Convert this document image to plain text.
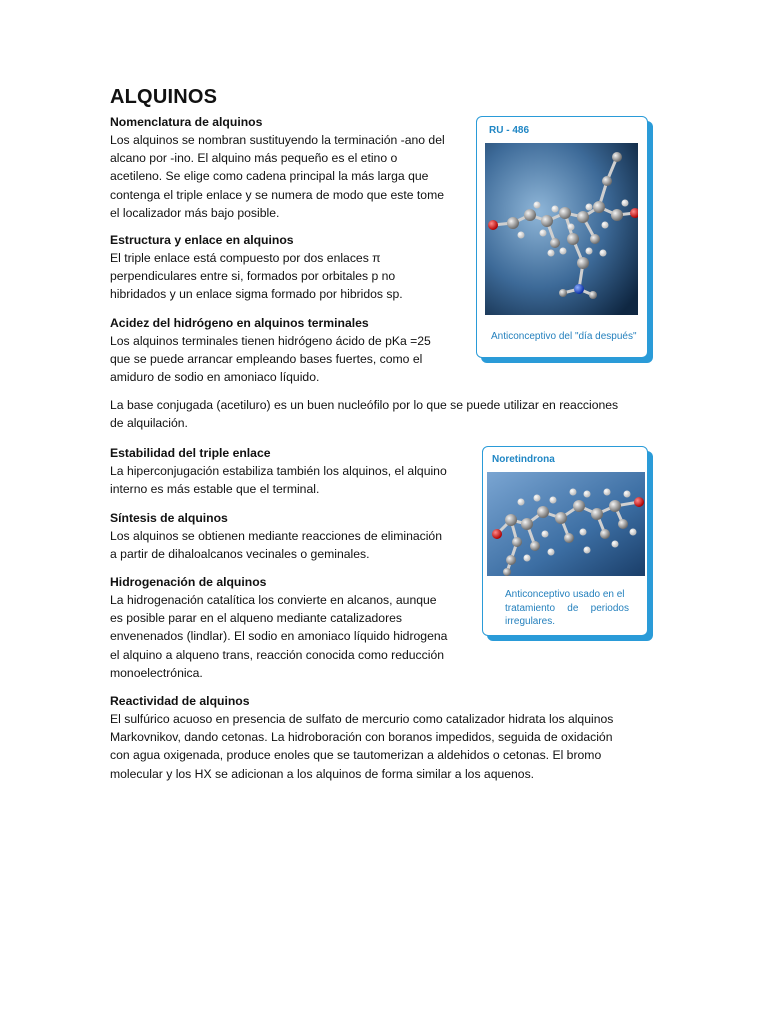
ALQUINOS

Nomenclatura de alquinos

Los alquinos se nombran sustituyendo la terminación -ano del

alcano por -ino. El alquino más pequeño es el etino o

acetileno. Se elige como cadena principal la más larga que

contenga el triple enlace y se numera de modo que este tome

el localizador más bajo posible.

Estructura y enlace en alquinos

El triple enlace está compuesto por dos enlaces π

perpendiculares entre si, formados por orbitales p no

hibridados y un enlace sigma formado por hibridos sp.

Acidez del hidrógeno en alquinos terminales

Los alquinos terminales tienen hidrógeno ácido de pKa =25

que se puede arrancar empleando bases fuertes, como el

amiduro de sodio en amoniaco líquido.

La base conjugada (acetiluro) es un buen nucleófilo por lo que se puede utilizar en reacciones

de alquilación.

Estabilidad del triple enlace

La hiperconjugación estabiliza también los alquinos, el alquino

interno es más estable que el terminal.

Síntesis de alquinos

Los alquinos se obtienen mediante reacciones de eliminación

a partir de dihaloalcanos vecinales o geminales.

Hidrogenación de alquinos

La hidrogenación catalítica los convierte en alcanos, aunque

es posible parar en el alqueno mediante catalizadores

envenenados (lindlar). El sodio en amoniaco líquido hidrogena

el alquino a alqueno trans, reacción conocida como reducción

monoelectrónica.

Reactividad de alquinos

El sulfúrico acuoso en presencia de sulfato de mercurio como catalizador hidrata los alquinos

Markovnikov, dando cetonas. La hidroboración con boranos impedidos, seguida de oxidación

con agua oxigenada, produce enoles que se tautomerizan a aldehidos o cetonas. El bromo

molecular y los HX se adicionan a los alquinos de forma similar a los aquenos.

RU - 486
Anticonceptivo del "día después"
Noretindrona
Anticonceptivo usado en el
tratamiento de periodos
irregulares.
